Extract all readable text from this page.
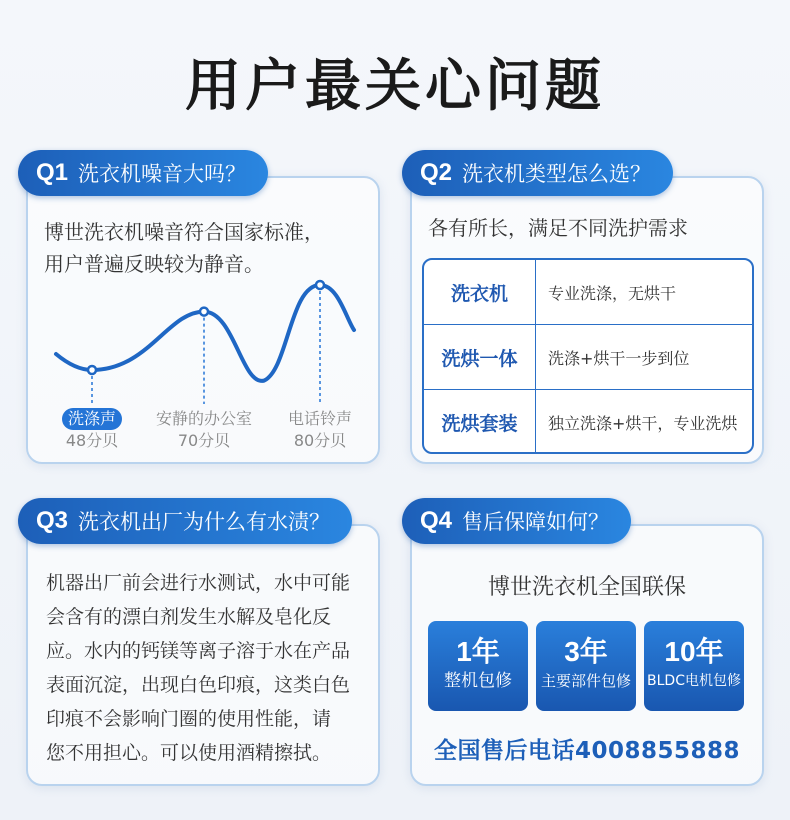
用户最关心问题
博世洗衣机噪音符合国家标准，
用户普遍反映较为静音。
洗涤声

48分贝
安静的办公室
70分贝
电话铃声
80分贝
Q1 洗衣机噪音大吗？
各有所长，满足不同洗护需求
洗衣机	专业洗涤，无烘干
洗烘一体	洗涤+烘干一步到位
洗烘套装	独立洗涤+烘干，专业洗烘
Q2 洗衣机类型怎么选？
机器出厂前会进行水测试，水中可能
会含有的漂白剂发生水解及皂化反
应。水内的钙镁等离子溶于水在产品
表面沉淀，出现白色印痕，这类白色
印痕不会影响门圈的使用性能，请
您不用担心。可以使用酒精擦拭。
Q3 洗衣机出厂为什么有水渍？
博世洗衣机全国联保
1年
整机包修
3年
主要部件包修
10年
BLDC电机包修
全国售后电话4008855888
Q4 售后保障如何？
